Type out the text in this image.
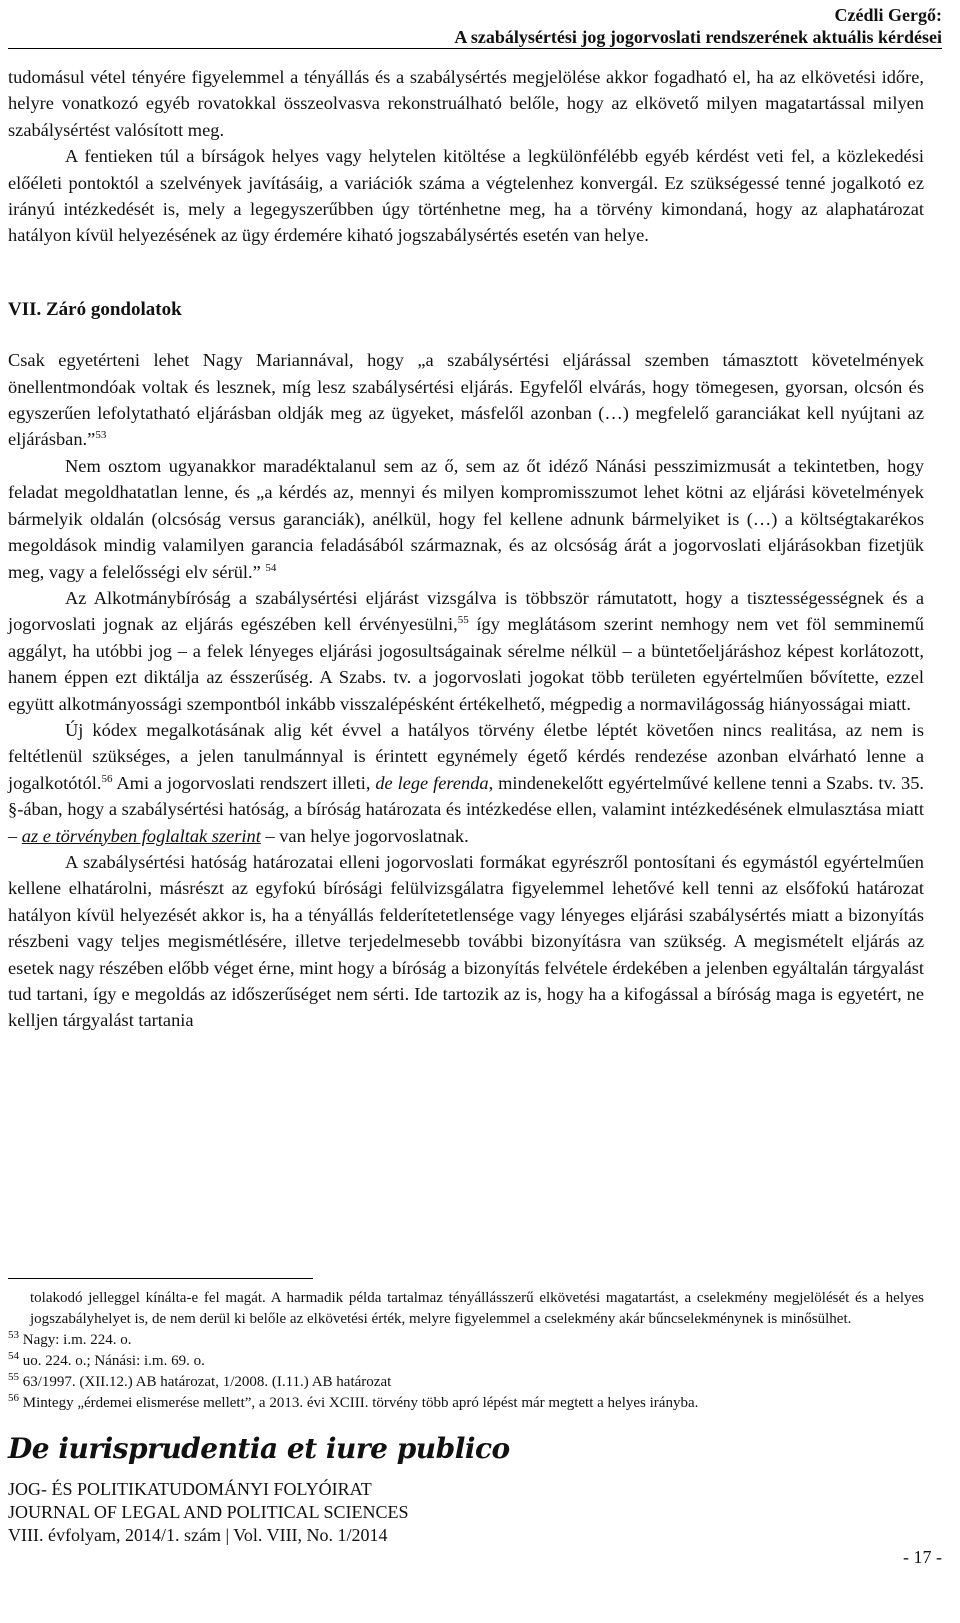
Czédli Gergő:
A szabálysértési jog jogorvoslati rendszerének aktuális kérdései

tudomásul vétel tényére figyelemmel a tényállás és a szabálysértés megjelölése akkor fogadható el, ha az elkövetési időre, helyre vonatkozó egyéb rovatokkal összeolvasva rekonstruálható belőle, hogy az elkövető milyen magatartással milyen szabálysértést valósított meg.

A fentieken túl a bírságok helyes vagy helytelen kitöltése a legkülönfélébb egyéb kérdést veti fel, a közlekedési előéleti pontoktól a szelvények javításáig, a variációk száma a végtelenhez konvergál. Ez szükségessé tenné jogalkotó ez irányú intézkedését is, mely a legegyszerűbben úgy történhetne meg, ha a törvény kimondaná, hogy az alaphatározat hatályon kívül helyezésének az ügy érdemére kiható jogszabálysértés esetén van helye.

VII. Záró gondolatok

Csak egyetérteni lehet Nagy Mariannával, hogy „a szabálysértési eljárással szemben támasztott követelmények önellentmondóak voltak és lesznek, míg lesz szabálysértési eljárás. Egyfelől elvárás, hogy tömegesen, gyorsan, olcsón és egyszerűen lefolytatható eljárásban oldják meg az ügyeket, másfelől azonban (…) megfelelő garanciákat kell nyújtani az eljárásban.”$^{53}$

Nem osztom ugyanakkor maradéktalanul sem az ő, sem az őt idéző Nánási pesszimizmusát a tekintetben, hogy feladat megoldhatatlan lenne, és „a kérdés az, mennyi és milyen kompromisszumot lehet kötni az eljárási követelmények bármelyik oldalán (olcsóság versus garanciák), anélkül, hogy fel kellene adnunk bármelyiket is (…) a költségtakarékos megoldások mindig valamilyen garancia feladásából származnak, és az olcsóság árát a jogorvoslati eljárásokban fizetjük meg, vagy a felelősségi elv sérül.” $^{54}$

Az Alkotmánybíróság a szabálysértési eljárást vizsgálva is többször rámutatott, hogy a tisztességességnek és a jogorvoslati jognak az eljárás egészében kell érvényesülni,$^{55}$ így meglátásom szerint nemhogy nem vet föl semminemű aggályt, ha utóbbi jog – a felek lényeges eljárási jogosultságainak sérelme nélkül – a büntetőeljáráshoz képest korlátozott, hanem éppen ezt diktálja az ésszerűség. A Szabs. tv. a jogorvoslati jogokat több területen egyértelműen bővítette, ezzel együtt alkotmányossági szempontból inkább visszalépésként értékelhető, mégpedig a normavilágosság hiányosságai miatt.

Új kódex megalkotásának alig két évvel a hatályos törvény életbe léptét követően nincs realitása, az nem is feltétlenül szükséges, a jelen tanulmánnyal is érintett egynémely égető kérdés rendezése azonban elvárható lenne a jogalkotótól.$^{56}$ Ami a jogorvoslati rendszert illeti, de lege ferenda, mindenekelőtt egyértelművé kellene tenni a Szabs. tv. 35. §-ában, hogy a szabálysértési hatóság, a bíróság határozata és intézkedése ellen, valamint intézkedésének elmulasztása miatt – az e törvényben foglaltak szerint – van helye jogorvoslatnak.

A szabálysértési hatóság határozatai elleni jogorvoslati formákat egyrészről pontosítani és egymástól egyértelműen kellene elhatárolni, másrészt az egyfokú bírósági felülvizsgálatra figyelemmel lehetővé kell tenni az elsőfokú határozat hatályon kívül helyezését akkor is, ha a tényállás felderítetetlensége vagy lényeges eljárási szabálysértés miatt a bizonyítás részbeni vagy teljes megismétlésére, illetve terjedelmesebb további bizonyításra van szükség. A megismételt eljárás az esetek nagy részében előbb véget érne, mint hogy a bíróság a bizonyítás felvétele érdekében a jelenben egyáltalán tárgyalást tud tartani, így e megoldás az időszerűséget nem sérti. Ide tartozik az is, hogy ha a kifogással a bíróság maga is egyetért, ne kelljen tárgyalást tartania

tolakodó jelleggel kínálta-e fel magát. A harmadik példa tartalmaz tényállásszerű elkövetési magatartást, a cselekmény megjelölését és a helyes jogszabályhelyet is, de nem derül ki belőle az elkövetési érték, melyre figyelemmel a cselekmény akár bűncselekménynek is minősülhet.

$^{53}$ Nagy: i.m. 224. o.

$^{54}$ uo. 224. o.; Nánási: i.m. 69. o.

$^{55}$ 63/1997. (XII.12.) AB határozat, 1/2008. (I.11.) AB határozat

$^{56}$ Mintegy „érdemei elismerése mellett”, a 2013. évi XCIII. törvény több apró lépést már megtett a helyes irányba.

De iurisprudentia et iure publico
JOG- ÉS POLITIKATUDOMÁNYI FOLYÓIRAT
JOURNAL OF LEGAL AND POLITICAL SCIENCES
VIII. évfolyam, 2014/1. szám | Vol. VIII, No. 1/2014
- 17 -
